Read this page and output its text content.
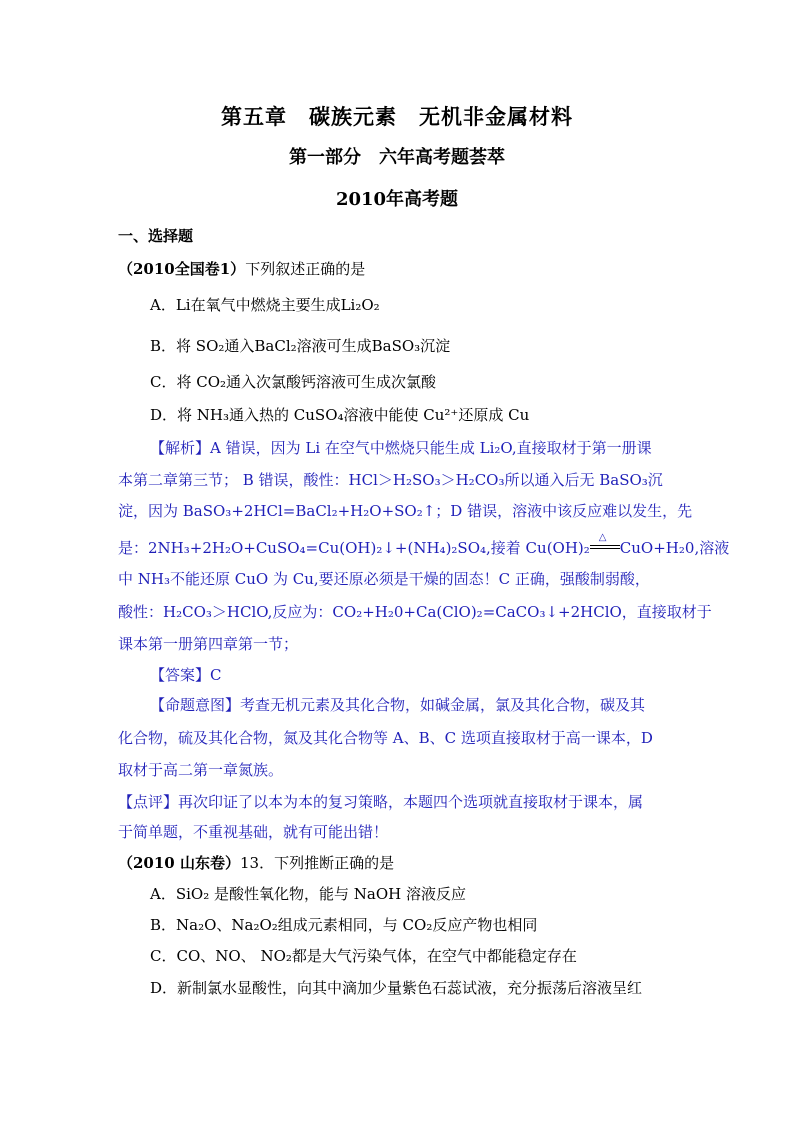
第五章　碳族元素　无机非金属材料
第一部分　六年高考题荟萃
2010年高考题
一、选择题
（2010全国卷1）下列叙述正确的是
A．Li在氧气中燃烧主要生成Li₂O₂
B．将 SO₂通入BaCl₂溶液可生成BaSO₃沉淀
C．将 CO₂通入次氯酸钙溶液可生成次氯酸
D．将 NH₃通入热的 CuSO₄溶液中能使 Cu²⁺还原成 Cu
【解析】A 错误，因为 Li 在空气中燃烧只能生成 Li₂O,直接取材于第一册课
本第二章第三节； B 错误，酸性：HCl＞H₂SO₃＞H₂CO₃所以通入后无 BaSO₃沉
淀，因为 BaSO₃+2HCl=BaCl₂+H₂O+SO₂↑；D 错误，溶液中该反应难以发生，先
是：2NH₃+2H₂O+CuSO₄=Cu(OH)₂↓+(NH₄)₂SO₄,接着 Cu(OH)₂
△
CuO+H₂0,溶液
中 NH₃不能还原 CuO 为 Cu,要还原必须是干燥的固态！C 正确，强酸制弱酸，
酸性：H₂CO₃＞HClO,反应为：CO₂+H₂0+Ca(ClO)₂=CaCO₃↓+2HClO，直接取材于
课本第一册第四章第一节；
【答案】C
【命题意图】考查无机元素及其化合物，如碱金属，氯及其化合物，碳及其
化合物，硫及其化合物，氮及其化合物等 A、B、C 选项直接取材于高一课本，D
取材于高二第一章氮族。
【点评】再次印证了以本为本的复习策略，本题四个选项就直接取材于课本，属
于简单题，不重视基础，就有可能出错！
（2010 山东卷）13．下列推断正确的是
A．SiO₂ 是酸性氧化物，能与 NaOH 溶液反应
B．Na₂O、Na₂O₂组成元素相同，与 CO₂反应产物也相同
C．CO、NO、 NO₂都是大气污染气体，在空气中都能稳定存在
D．新制氯水显酸性，向其中滴加少量紫色石蕊试液，充分振荡后溶液呈红
